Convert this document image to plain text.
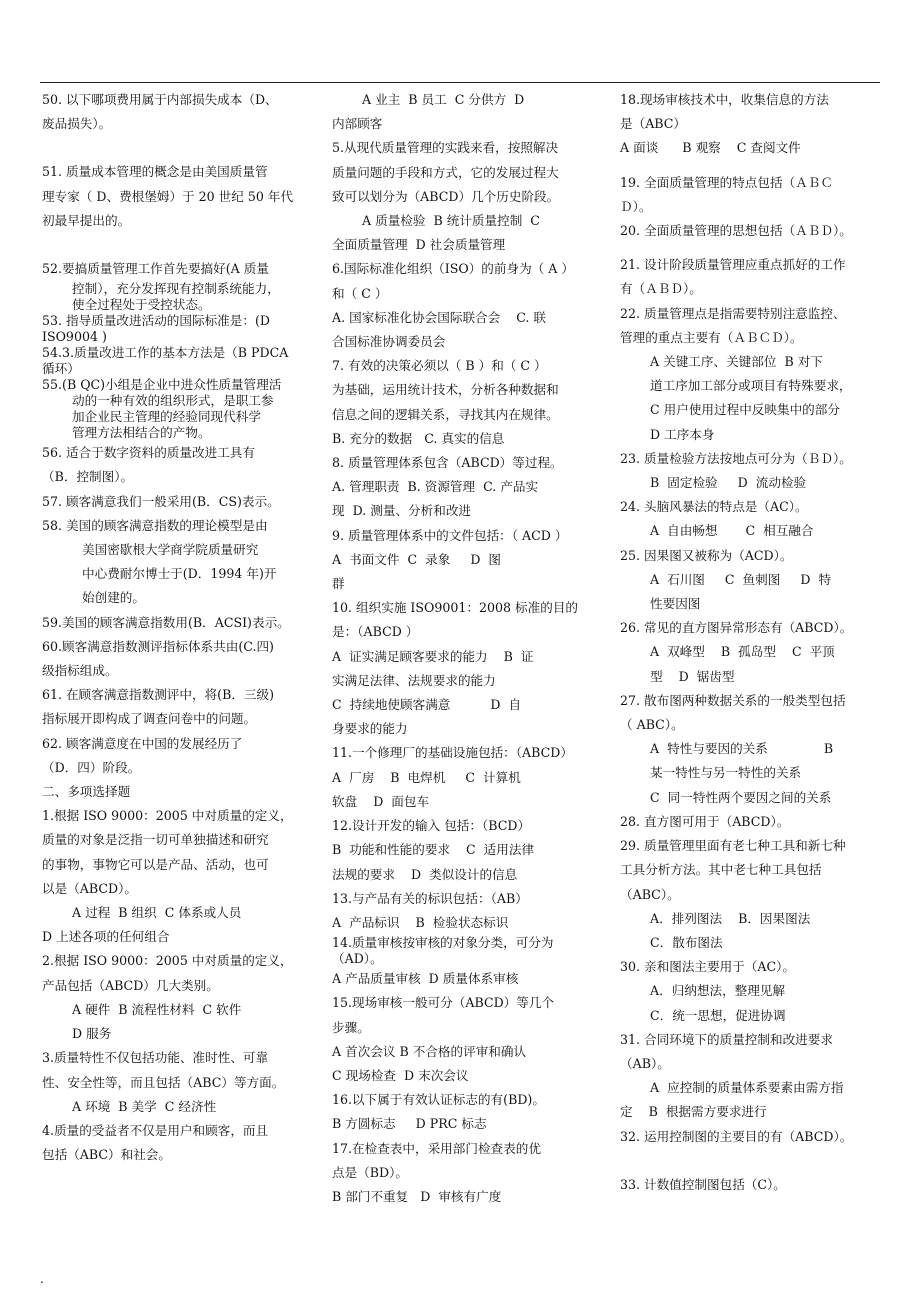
50. 以下哪项费用属于内部损失成本（D、

废品损失）。

51. 质量成本管理的概念是由美国质量管

理专家（ D、费根堡姆）于 20 世纪 50 年代

初最早提出的。

52.要搞质量管理工作首先要搞好(A 质量

控制），充分发挥现有控制系统能力，

使全过程处于受控状态。

53. 指导质量改进活动的国际标准是：(D

ISO9004 )

54.3.质量改进工作的基本方法是（B PDCA

循环）

55.(B QC)小组是企业中进众性质量管理活

动的一种有效的组织形式，是职工参

加企业民主管理的经验同现代科学

管理方法相结合的产物。

56. 适合于数字资料的质量改进工具有

（B．控制图）。

57. 顾客满意我们一般采用(B．CS)表示。

58. 美国的顾客满意指数的理论模型是由

美国密歇根大学商学院质量研究

中心费耐尔博士于(D．1994 年)开

始创建的。

59.美国的顾客满意指数用(B．ACSI)表示。

60.顾客满意指数测评指标体系共由(C.四)

级指标组成。

61. 在顾客满意指数测评中，将(B．三级)

指标展开即构成了调查问卷中的问题。

62. 顾客满意度在中国的发展经历了

（D．四）阶段。

二、多项选择题

1.根据 ISO 9000：2005 中对质量的定义，

质量的对象是泛指一切可单独描述和研究

的事物，事物它可以是产品、活动，也可

以是（ABCD）。

A 过程  B 组织  C 体系或人员

D 上述各项的任何组合

2.根据 ISO 9000：2005 中对质量的定义，

产品包括（ABCD）几大类别。

A 硬件  B 流程性材料  C 软件

D 服务

3.质量特性不仅包括功能、准时性、可靠

性、安全性等，而且包括（ABC）等方面。

A 环境  B 美学  C 经济性

4.质量的受益者不仅是用户和顾客，而且

包括（ABC）和社会。

A 业主  B 员工  C 分供方  D

内部顾客

5.从现代质量管理的实践来看，按照解决

质量问题的手段和方式，它的发展过程大

致可以划分为（ABCD）几个历史阶段。

A 质量检验  B 统计质量控制  C

全面质量管理  D 社会质量管理

6.国际标准化组织（ISO）的前身为（ A ）

和（ C ）

A. 国家标准化协会国际联合会    C. 联

合国标准协调委员会

7. 有效的决策必须以（ B ）和（ C ）

为基础，运用统计技术，分析各种数据和

信息之间的逻辑关系，寻找其内在规律。

B. 充分的数据   C. 真实的信息

8. 质量管理体系包含（ABCD）等过程。

A. 管理职责  B. 资源管理  C. 产品实

现  D. 测量、分析和改进

9. 质量管理体系中的文件包括：（ ACD ）

A  书面文件  C  录象     D  图

群

10. 组织实施 ISO9001：2008 标准的目的

是：（ABCD ）

A  证实满足顾客要求的能力    B  证

实满足法律、法规要求的能力

C  持续地使顾客满意          D  自

身要求的能力

11.一个修理厂的基础设施包括：（ABCD）

A  厂房    B  电焊机     C  计算机

软盘    D  面包车

12.设计开发的输入 包括：（BCD）

B  功能和性能的要求    C  适用法律

法规的要求    D  类似设计的信息

13.与产品有关的标识包括：（AB）

A  产品标识    B  检验状态标识

14.质量审核按审核的对象分类，可分为

（AD）。

A 产品质量审核  D 质量体系审核

15.现场审核一般可分（ABCD）等几个

步骤。

A 首次会议 B 不合格的评审和确认

C 现场检查  D 末次会议

16.以下属于有效认证标志的有(BD)。

B 方圆标志     D PRC 标志

17.在检查表中，采用部门检查表的优

点是（BD）。

B 部门不重复   D  审核有广度

18.现场审核技术中，收集信息的方法

是（ABC）

A 面谈      B 观察    C 查阅文件

19. 全面质量管理的特点包括（ＡＢＣ

Ｄ）。

20. 全面质量管理的思想包括（ＡＢＤ）。

21. 设计阶段质量管理应重点抓好的工作

有（ＡＢＤ）。

22. 质量管理点是指需要特别注意监控、

管理的重点主要有（ＡＢＣＤ）。

A 关键工序、关键部位  B 对下

道工序加工部分或项目有特殊要求，

C 用户使用过程中反映集中的部分

D 工序本身

23. 质量检验方法按地点可分为（ＢＤ）。

B  固定检验     D  流动检验

24. 头脑风暴法的特点是（AC）。

A  自由畅想       C  相互融合

25. 因果图又被称为（ACD）。

A  石川图     C  鱼刺图     D  特

性要因图

26. 常见的直方图异常形态有（ABCD）。

A  双峰型    B  孤岛型    C  平顶

型    D  锯齿型

27. 散布图两种数据关系的一般类型包括

（ ABC）。

A  特性与要因的关系              B

某一特性与另一特性的关系

C  同一特性两个要因之间的关系

28. 直方图可用于（ABCD）。

29. 质量管理里面有老七种工具和新七种

工具分析方法。其中老七种工具包括

（ABC）。

A．排列图法    B．因果图法

C．散布图法

30. 亲和图法主要用于（AC）。

A．归纳想法，整理见解

C．统一思想，促进协调

31. 合同环境下的质量控制和改进要求

（AB）。

A  应控制的质量体系要素由需方指

定    B  根据需方要求进行

32. 运用控制图的主要目的有（ABCD）。

33. 计数值控制图包括（C）。

.
